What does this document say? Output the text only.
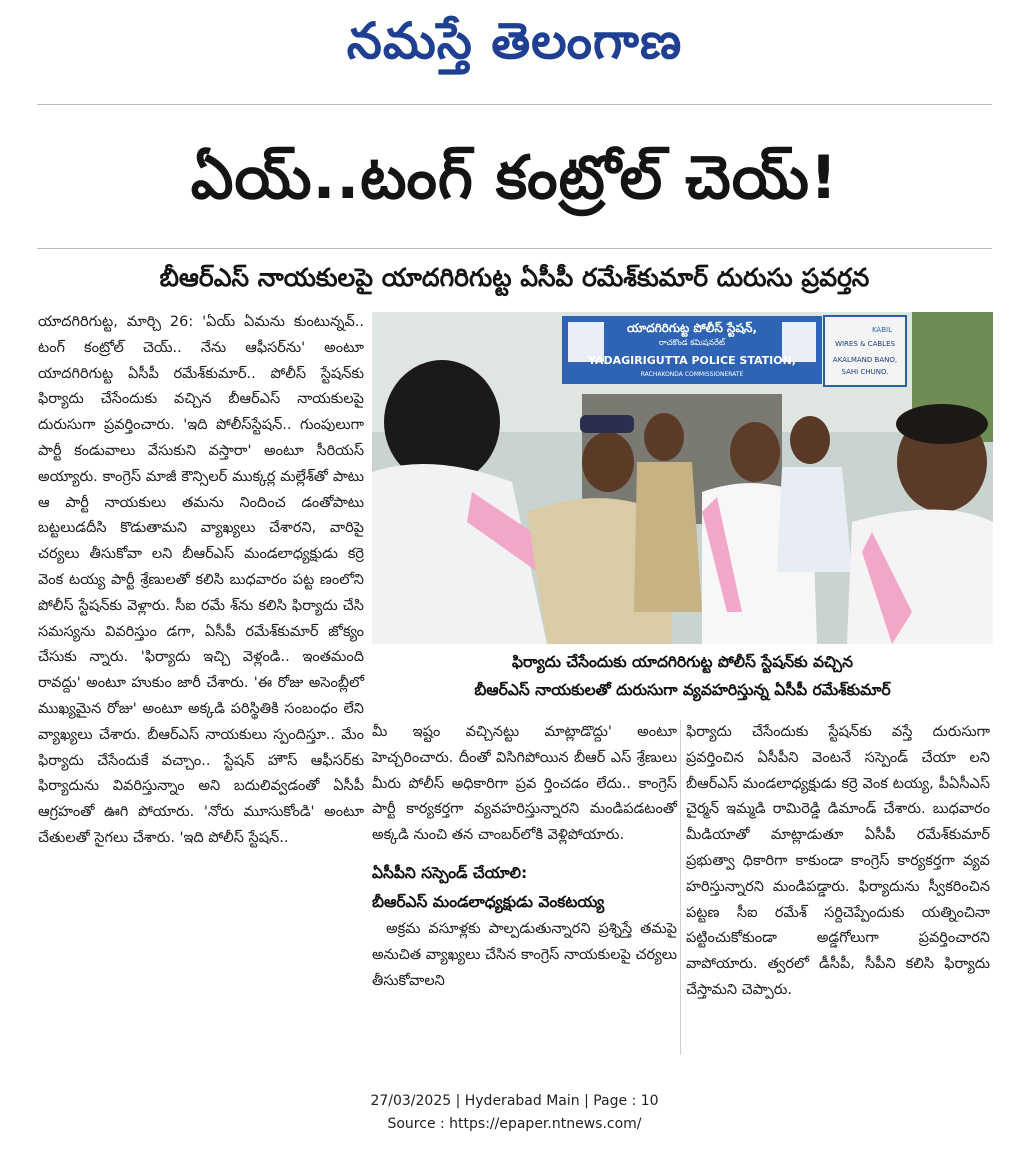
నమస్తే తెలంగాణ
ఏయ్..టంగ్ కంట్రోల్ చెయ్!
బీఆర్ఎస్ నాయకులపై యాదగిరిగుట్ట ఏసీపీ రమేశ్‌కుమార్ దురుసు ప్రవర్తన

యాదగిరిగుట్ట, మార్చి 26: 'ఏయ్ ఏమను కుంటున్నవ్.. టంగ్ కంట్రోల్ చెయ్.. నేను ఆఫీసర్‌ను' అంటూ యాదగిరిగుట్ట ఏసీపీ రమేశ్‌కుమార్.. పోలీస్ స్టేషన్‌కు ఫిర్యాదు చేసేందుకు వచ్చిన బీఆర్ఎస్ నాయకులపై దురుసుగా ప్రవర్తించారు. 'ఇది పోలీస్‌స్టేషన్.. గుంపులుగా పార్టీ కండువాలు వేసుకుని వస్తారా' అంటూ సీరియస్ అయ్యారు. కాంగ్రెస్ మాజీ కౌన్సిలర్ ముక్కర్ల మల్లేశ్‌తో పాటు ఆ పార్టీ నాయకులు తమను నిందించ డంతోపాటు బట్టలుడదీసి కొడుతామని వ్యాఖ్యలు చేశారని, వారిపై చర్యలు తీసుకోవా లని బీఆర్ఎస్ మండలాధ్యక్షుడు కర్రె వెంక టయ్య పార్టీ శ్రేణులతో కలిసి బుధవారం పట్ట ణంలోని పోలీస్ స్టేషన్‌కు వెళ్లారు. సీఐ రమే శ్‌ను కలిసి ఫిర్యాదు చేసి సమస్యను వివరిస్తుం డగా, ఏసీపీ రమేశ్‌కుమార్ జోక్యం చేసుకు న్నారు. 'ఫిర్యాదు ఇచ్చి వెళ్లండి.. ఇంతమంది రావద్దు' అంటూ హుకుం జారీ చేశారు. 'ఈ రోజు అసెంబ్లీలో ముఖ్యమైన రోజు' అంటూ అక్కడి పరిస్థితికి సంబంధం లేని వ్యాఖ్యలు చేశారు. బీఆర్ఎస్ నాయకులు స్పందిస్తూ.. మేం ఫిర్యాదు చేసేందుకే వచ్చాం.. స్టేషన్ హౌస్ ఆఫీసర్‌కు ఫిర్యాదును వివరిస్తున్నాం అని బదులివ్వడంతో ఏసీపీ ఆగ్రహంతో ఊగి పోయారు. 'నోరు మూసుకోండి' అంటూ చేతులతో సైగలు చేశారు. 'ఇది పోలీస్ స్టేషన్..

యాదగిరిగుట్ట పోలీస్ స్టేషన్,
రాచకొండ కమిషనరేట్
YADAGIRIGUTTA POLICE STATION,
RACHAKONDA COMMISSIONERATE
KABIL
WIRES & CABLES
AKALMAND BANO,
SAHI CHUNO.
ఫిర్యాదు చేసేందుకు యాదగిరిగుట్ట పోలీస్ స్టేషన్‌కు వచ్చిన
బీఆర్ఎస్ నాయకులతో దురుసుగా వ్యవహరిస్తున్న ఏసీపీ రమేశ్‌కుమార్

మీ ఇష్టం వచ్చినట్టు మాట్లాడొద్దు' అంటూ హెచ్చరించారు. దీంతో విసిగిపోయిన బీఆర్ ఎస్ శ్రేణులు మీరు పోలీస్ అధికారిగా ప్రవ ర్తించడం లేదు.. కాంగ్రెస్ పార్టీ కార్యకర్తగా వ్యవహరిస్తున్నారని మండిపడటంతో అక్కడి నుంచి తన చాంబర్‌లోకి వెళ్లిపోయారు.

ఏసీపీని సస్పెండ్ చేయాలి:
బీఆర్ఎస్ మండలాధ్యక్షుడు వెంకటయ్య

అక్రమ వసూళ్లకు పాల్పడుతున్నారని ప్రశ్నిస్తే తమపై అనుచిత వ్యాఖ్యలు చేసిన కాంగ్రెస్ నాయకులపై చర్యలు తీసుకోవాలని

ఫిర్యాదు చేసేందుకు స్టేషన్‌కు వస్తే దురుసుగా ప్రవర్తించిన ఏసీపీని వెంటనే సస్పెండ్ చేయా లని బీఆర్ఎస్ మండలాధ్యక్షుడు కర్రె వెంక టయ్య, పీఏసీఎస్ చైర్మన్ ఇమ్మడి రామిరెడ్డి డిమాండ్ చేశారు. బుధవారం మీడియాతో మాట్లాడుతూ ఏసీపీ రమేశ్‌కుమార్ ప్రభుత్వా ధికారిగా కాకుండా కాంగ్రెస్ కార్యకర్తగా వ్యవ హరిస్తున్నారని మండిపడ్డారు. ఫిర్యాదును స్వీకరించిన పట్టణ సీఐ రమేశ్ సర్దిచెప్పేందుకు యత్నించినా పట్టించుకోకుండా అడ్డగోలుగా ప్రవర్తించారని వాపోయారు. త్వరలో డీసీపీ, సీపీని కలిసి ఫిర్యాదు చేస్తామని చెప్పారు.

27/03/2025 | Hyderabad Main | Page : 10
Source : https://epaper.ntnews.com/
